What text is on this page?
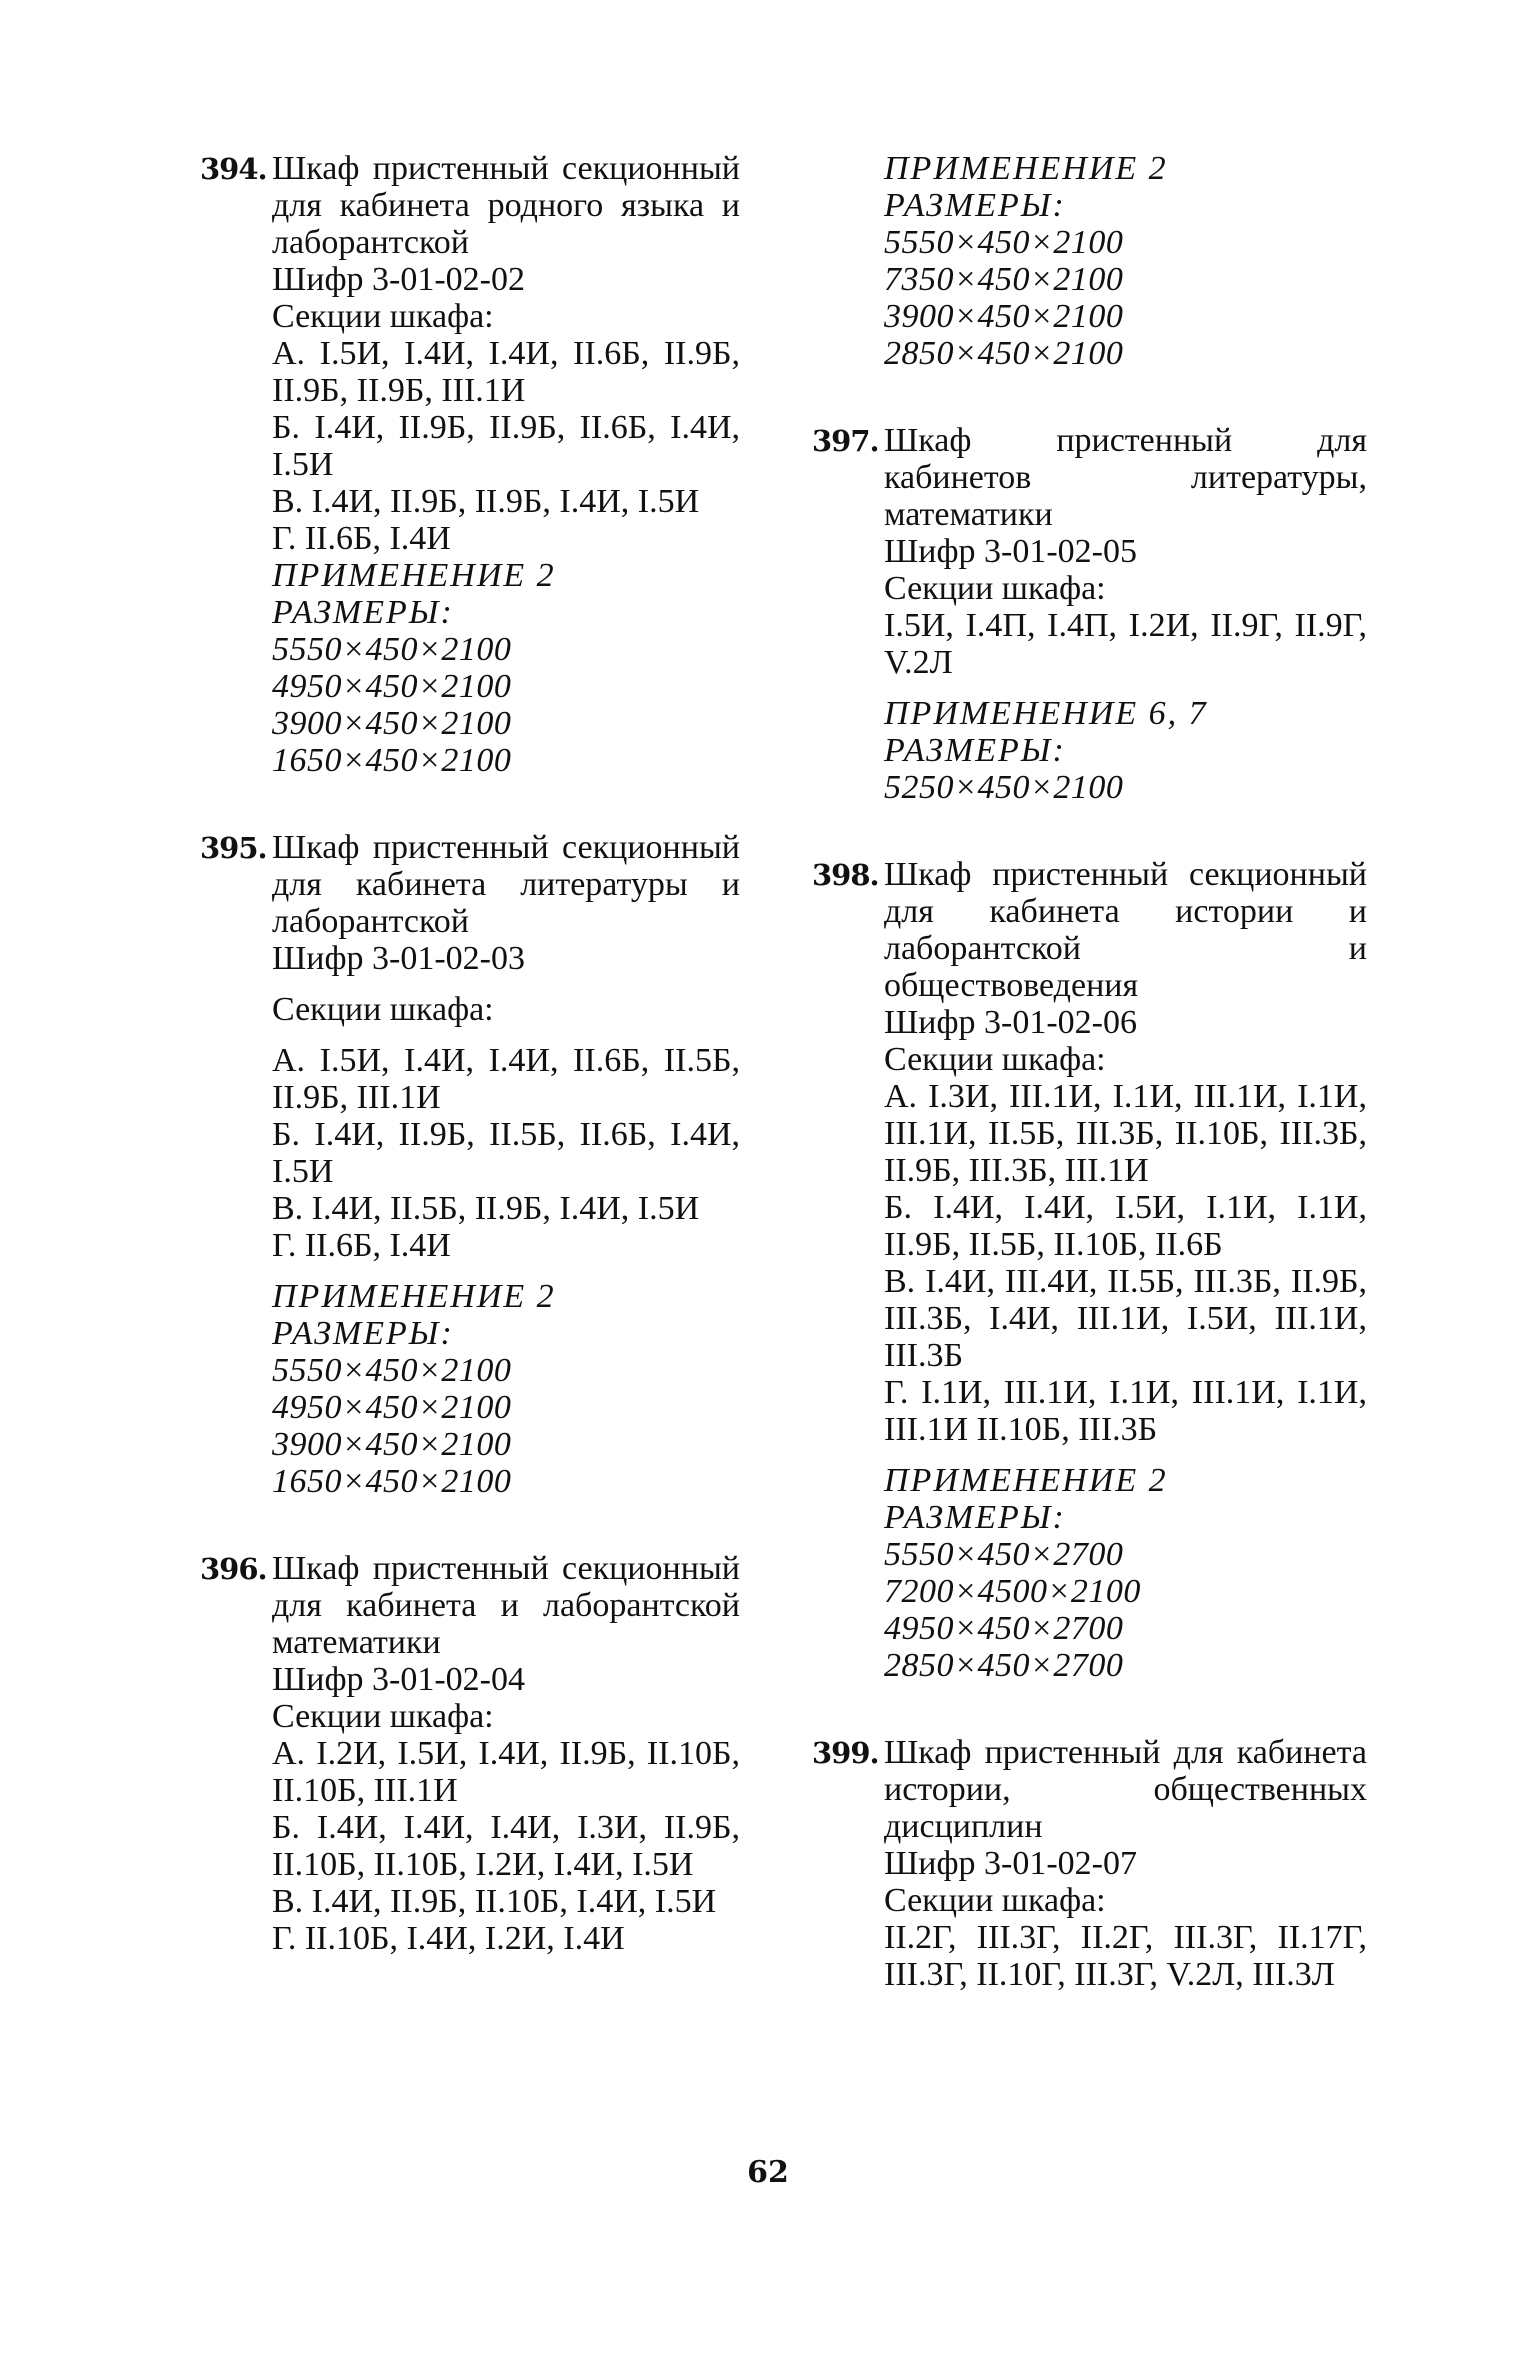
394. Шкаф пристенный секционный для кабинета родного языка и лаборантской
Шифр 3-01-02-02
Секции шкафа:
А. I.5И, I.4И, I.4И, II.6Б, II.9Б, II.9Б, II.9Б, III.1И
Б. I.4И, II.9Б, II.9Б, II.6Б, I.4И, I.5И
В. I.4И, II.9Б, II.9Б, I.4И, I.5И
Г. II.6Б, I.4И
ПРИМЕНЕНИЕ 2
РАЗМЕРЫ:
5550×450×2100
4950×450×2100
3900×450×2100
1650×450×2100
395. Шкаф пристенный секционный для кабинета литературы и лаборантской
Шифр 3-01-02-03
Секции шкафа:
А. I.5И, I.4И, I.4И, II.6Б, II.5Б, II.9Б, III.1И
Б. I.4И, II.9Б, II.5Б, II.6Б, I.4И, I.5И
В. I.4И, II.5Б, II.9Б, I.4И, I.5И
Г. II.6Б, I.4И
ПРИМЕНЕНИЕ 2
РАЗМЕРЫ:
5550×450×2100
4950×450×2100
3900×450×2100
1650×450×2100
396. Шкаф пристенный секционный для кабинета и лаборантской математики
Шифр 3-01-02-04
Секции шкафа:
А. I.2И, I.5И, I.4И, II.9Б, II.10Б, II.10Б, III.1И
Б. I.4И, I.4И, I.4И, I.3И, II.9Б, II.10Б, II.10Б, I.2И, I.4И, I.5И
В. I.4И, II.9Б, II.10Б, I.4И, I.5И
Г. II.10Б, I.4И, I.2И, I.4И
ПРИМЕНЕНИЕ 2
РАЗМЕРЫ:
5550×450×2100
7350×450×2100
3900×450×2100
2850×450×2100
397. Шкаф пристенный для кабинетов литературы, математики
Шифр 3-01-02-05
Секции шкафа:
I.5И, I.4П, I.4П, I.2И, II.9Г, II.9Г, V.2Л
ПРИМЕНЕНИЕ 6, 7
РАЗМЕРЫ:
5250×450×2100
398. Шкаф пристенный секционный для кабинета истории и лаборантской и обществоведения
Шифр 3-01-02-06
Секции шкафа:
А. I.3И, III.1И, I.1И, III.1И, I.1И, III.1И, II.5Б, III.3Б, II.10Б, III.3Б, II.9Б, III.3Б, III.1И
Б. I.4И, I.4И, I.5И, I.1И, I.1И, II.9Б, II.5Б, II.10Б, II.6Б
В. I.4И, III.4И, II.5Б, III.3Б, II.9Б, III.3Б, I.4И, III.1И, I.5И, III.1И, III.3Б
Г. I.1И, III.1И, I.1И, III.1И, I.1И, III.1И II.10Б, III.3Б
ПРИМЕНЕНИЕ 2
РАЗМЕРЫ:
5550×450×2700
7200×4500×2100
4950×450×2700
2850×450×2700
399. Шкаф пристенный для кабинета истории, общественных дисциплин
Шифр 3-01-02-07
Секции шкафа:
II.2Г, III.3Г, II.2Г, III.3Г, II.17Г, III.3Г, II.10Г, III.3Г, V.2Л, III.3Л
62
